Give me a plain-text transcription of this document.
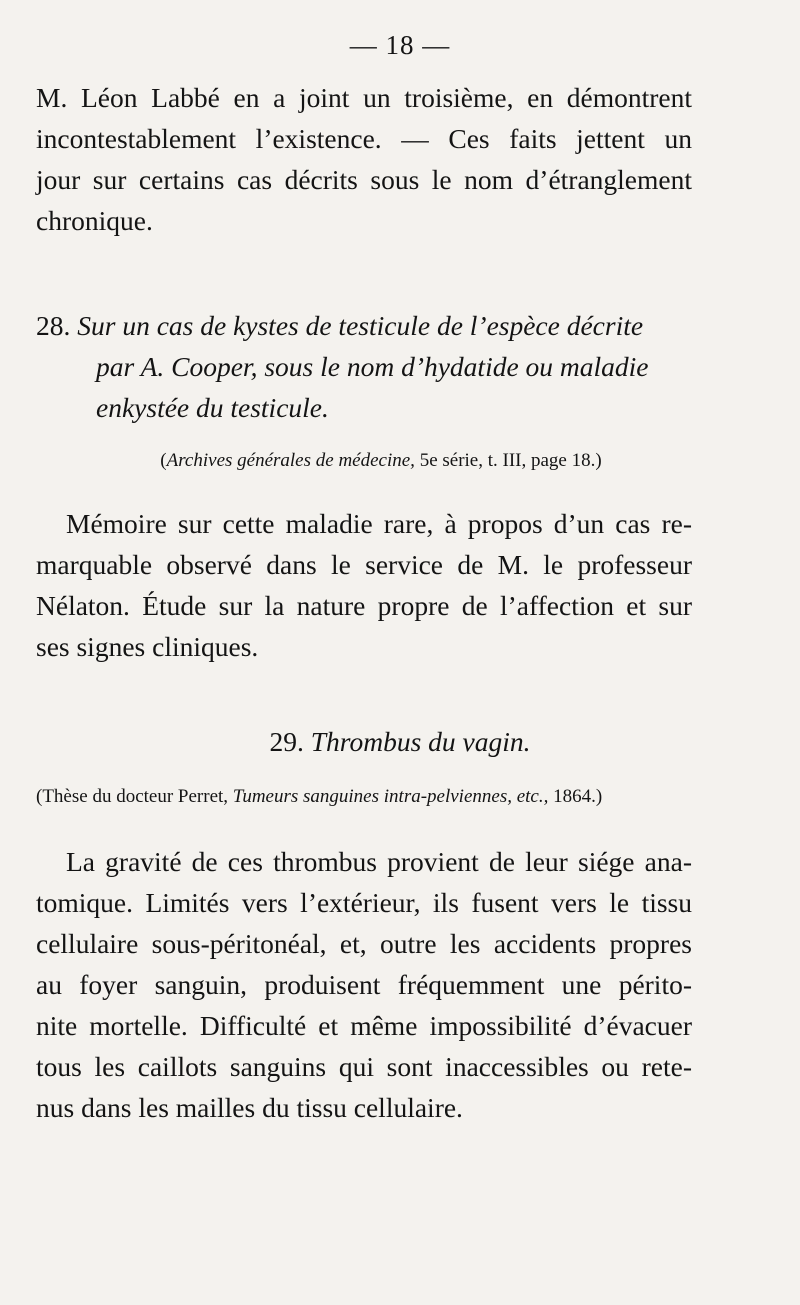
— 18 —
M. Léon Labbé en a joint un troisième, en démontrent
incontestablement l’existence. — Ces faits jettent un
jour sur certains cas décrits sous le nom d’étranglement
chronique.
28. Sur un cas de kystes de testicule de l’espèce décrite
par A. Cooper, sous le nom d’hydatide ou maladie
enkystée du testicule.
(Archives générales de médecine, 5e série, t. III, page 18.)
Mémoire sur cette maladie rare, à propos d’un cas re-
marquable observé dans le service de M. le professeur
Nélaton. Étude sur la nature propre de l’affection et sur
ses signes cliniques.
29. Thrombus du vagin.
(Thèse du docteur Perret, Tumeurs sanguines intra-pelviennes, etc., 1864.)
La gravité de ces thrombus provient de leur siége ana-
tomique. Limités vers l’extérieur, ils fusent vers le tissu
cellulaire sous-péritonéal, et, outre les accidents propres
au foyer sanguin, produisent fréquemment une périto-
nite mortelle. Difficulté et même impossibilité d’évacuer
tous les caillots sanguins qui sont inaccessibles ou rete-
nus dans les mailles du tissu cellulaire.
